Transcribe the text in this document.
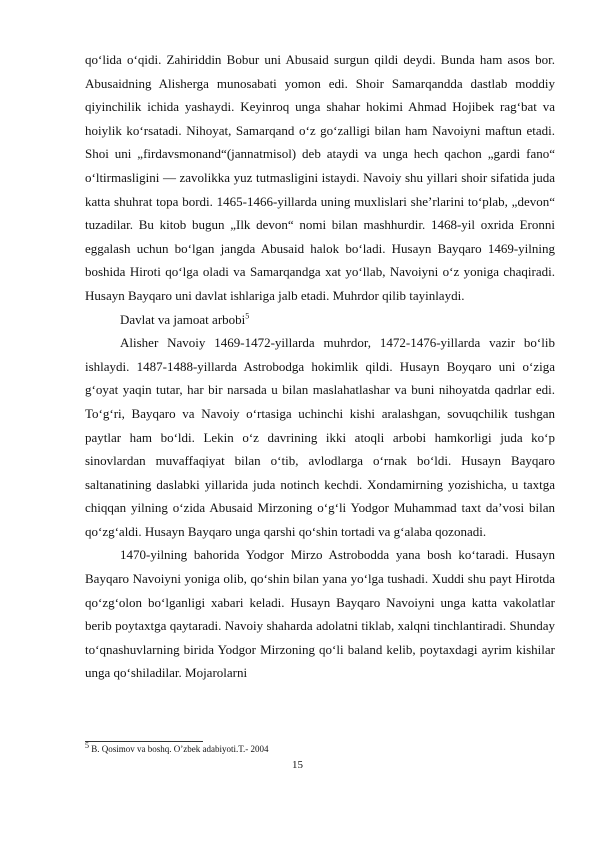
qoʻlida oʻqidi. Zahiriddin Bobur uni Abusaid surgun qildi deydi. Bunda ham asos bor. Abusaidning Alisherga munosabati yomon edi. Shoir Samarqandda dastlab moddiy qiyinchilik ichida yashaydi. Keyinroq unga shahar hokimi Ahmad Hojibek ragʻbat va hoiylik koʻrsatadi. Nihoyat, Samarqand oʻz goʻzalligi bilan ham Navoiyni maftun etadi. Shoi uni „firdavsmonand“(jannatmisol) deb ataydi va unga hech qachon „gardi fano“ oʻltirmasligini — zavolikka yuz tutmasligini istaydi. Navoiy shu yillari shoir sifatida juda katta shuhrat topa bordi. 1465-1466-yillarda uning muxlislari sheʼrlarini toʻplab, „devon“ tuzadilar. Bu kitob bugun „Ilk devon“ nomi bilan mashhurdir. 1468-yil oxrida Eronni eggalash uchun boʻlgan jangda Abusaid halok boʻladi. Husayn Bayqaro 1469-yilning boshida Hiroti qoʻlga oladi va Samarqandga xat yoʻllab, Navoiyni oʻz yoniga chaqiradi. Husayn Bayqaro uni davlat ishlariga jalb etadi. Muhrdor qilib tayinlaydi.

Davlat va jamoat arbobi$^5$

Alisher Navoiy 1469-1472-yillarda muhrdor, 1472-1476-yillarda vazir boʻlib ishlaydi. 1487-1488-yillarda Astrobodga hokimlik qildi. Husayn Boyqaro uni oʻziga gʻoyat yaqin tutar, har bir narsada u bilan maslahatlashar va buni nihoyatda qadrlar edi. Toʻgʻri, Bayqaro va Navoiy oʻrtasiga uchinchi kishi aralashgan, sovuqchilik tushgan paytlar ham boʻldi. Lekin oʻz davrining ikki atoqli arbobi hamkorligi juda koʻp sinovlardan muvaffaqiyat bilan oʻtib, avlodlarga oʻrnak boʻldi. Husayn Bayqaro saltanatining daslabki yillarida juda notinch kechdi. Xondamirning yozishicha, u taxtga chiqqan yilning oʻzida Abusaid Mirzoning oʻgʻli Yodgor Muhammad taxt daʼvosi bilan qoʻzgʻaldi. Husayn Bayqaro unga qarshi qoʻshin tortadi va gʻalaba qozonadi.

1470-yilning bahorida Yodgor Mirzo Astrobodda yana bosh koʻtaradi. Husayn Bayqaro Navoiyni yoniga olib, qoʻshin bilan yana yoʻlga tushadi. Xuddi shu payt Hirotda qoʻzgʻolon boʻlganligi xabari keladi. Husayn Bayqaro Navoiyni unga katta vakolatlar berib poytaxtga qaytaradi. Navoiy shaharda adolatni tiklab, xalqni tinchlantiradi. Shunday toʻqnashuvlarning birida Yodgor Mirzoning qoʻli baland kelib, poytaxdagi ayrim kishilar unga qoʻshiladilar. Mojarolarni

$^5$ B. Qosimov va boshq. O’zbek adabiyoti.T.- 2004
15
